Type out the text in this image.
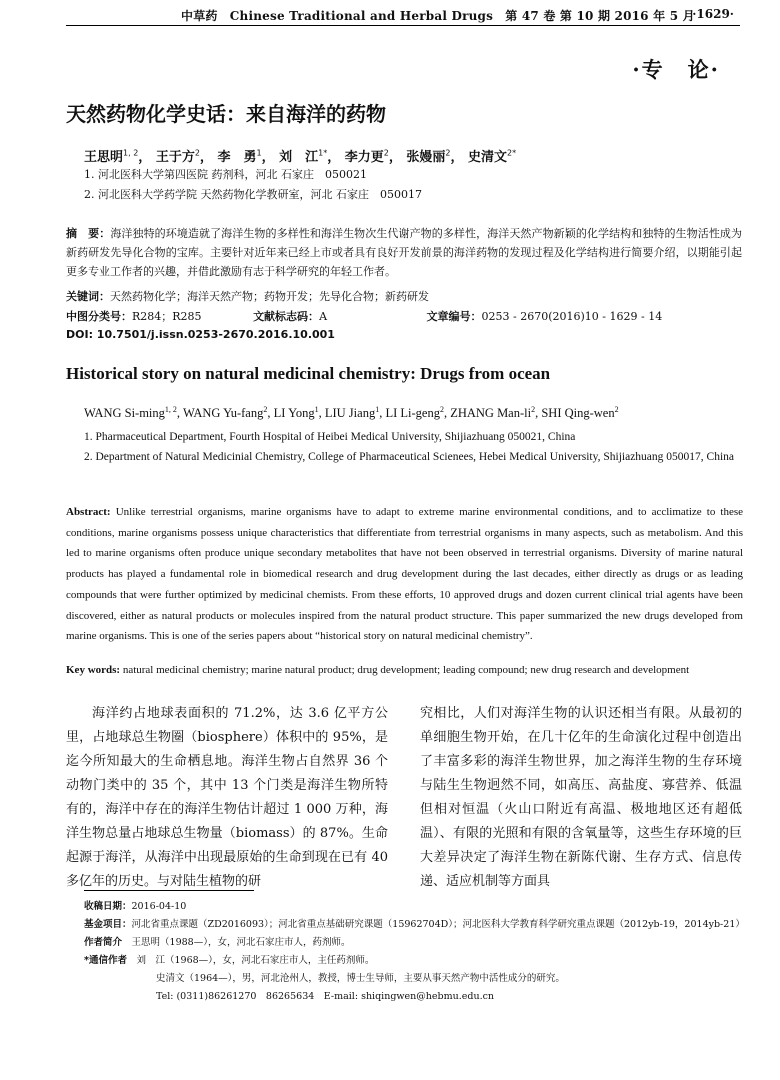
中草药　Chinese Traditional and Herbal Drugs　第 47 卷 第 10 期 2016 年 5 月
·1629·
·专　论·
天然药物化学史话：来自海洋的药物
王思明$^{1, 2}$， 王于方$^2$， 李　勇$^1$， 刘　江$^{1*}$， 李力更$^2$， 张嫚丽$^2$， 史清文$^{2*}$
1. 河北医科大学第四医院 药剂科，河北 石家庄　050021
2. 河北医科大学药学院 天然药物化学教研室，河北 石家庄　050017
摘　要：海洋独特的环境造就了海洋生物的多样性和海洋生物次生代谢产物的多样性，海洋天然产物新颖的化学结构和独特的生物活性成为新药研发先导化合物的宝库。主要针对近年来已经上市或者具有良好开发前景的海洋药物的发现过程及化学结构进行简要介绍，以期能引起更多专业工作者的兴趣，并借此激励有志于科学研究的年轻工作者。
关键词：天然药物化学；海洋天然产物；药物开发；先导化合物；新药研发
中图分类号：R284；R285	文献标志码：A	文章编号：0253 - 2670(2016)10 - 1629 - 14
DOI: 10.7501/j.issn.0253-2670.2016.10.001
Historical story on natural medicinal chemistry: Drugs from ocean
WANG Si-ming$^{1, 2}$, WANG Yu-fang$^2$, LI Yong$^1$, LIU Jiang$^1$, LI Li-geng$^2$, ZHANG Man-$li^2$, SHI Qing-wen$^2$
1. Pharmaceutical Department, Fourth Hospital of Heibei Medical University, Shijiazhuang 050021, China
2. Department of Natural Medicinial Chemistry, College of Pharmaceutical Scienees, Hebei Medical University, Shijiazhuang 050017, China
Abstract: Unlike terrestrial organisms, marine organisms have to adapt to extreme marine environmental conditions, and to acclimatize to these conditions, marine organisms possess unique characteristics that differentiate from terrestrial organisms in many aspects, such as metabolism. And this led to marine organisms often produce unique secondary metabolites that have not been observed in terrestrial organisms. Diversity of marine natural products has played a fundamental role in biomedical research and drug development during the last decades, either directly as drugs or as leading compounds that were further optimized by medicinal chemists. From these efforts, 10 approved drugs and dozen current clinical trial agents have been discovered, either as natural products or molecules inspired from the natural product structure. This paper summarized the new drugs developed from marine organisms. This is one of the series papers about “historical story on natural medicinal chemistry”.
Key words: natural medicinal chemistry; marine natural product; drug development; leading compound; new drug research and development
海洋约占地球表面积的 71.2%，达 3.6 亿平方公里，占地球总生物圈（biosphere）体积中的 95%，是迄今所知最大的生命栖息地。海洋生物占自然界 36 个动物门类中的 35 个，其中 13 个门类是海洋生物所特有的，海洋中存在的海洋生物估计超过 1 000 万种，海洋生物总量占地球总生物量（biomass）的 87%。生命起源于海洋，从海洋中出现最原始的生命到现在已有 40 多亿年的历史。与对陆生植物的研
究相比，人们对海洋生物的认识还相当有限。从最初的单细胞生物开始，在几十亿年的生命演化过程中创造出了丰富多彩的海洋生物世界，加之海洋生物的生存环境与陆生生物迥然不同，如高压、高盐度、寡营养、低温但相对恒温（火山口附近有高温、极地地区还有超低温）、有限的光照和有限的含氧量等，这些生存环境的巨大差异决定了海洋生物在新陈代谢、生存方式、信息传递、适应机制等方面具
收稿日期：2016-04-10
基金项目：河北省重点课题（ZD2016093）；河北省重点基础研究课题（15962704D）；河北医科大学教育科学研究重点课题（2012yb-19，2014yb-21）
作者简介　 王思明（1988—），女，河北石家庄市人，药剂师。
*通信作者　 刘　江（1968—），女，河北石家庄市人，主任药剂师。
史清文（1964—），男，河北沧州人，教授，博士生导师，主要从事天然产物中活性成分的研究。
Tel: (0311)86261270　86265634　E-mail: shiqingwen@hebmu.edu.cn
